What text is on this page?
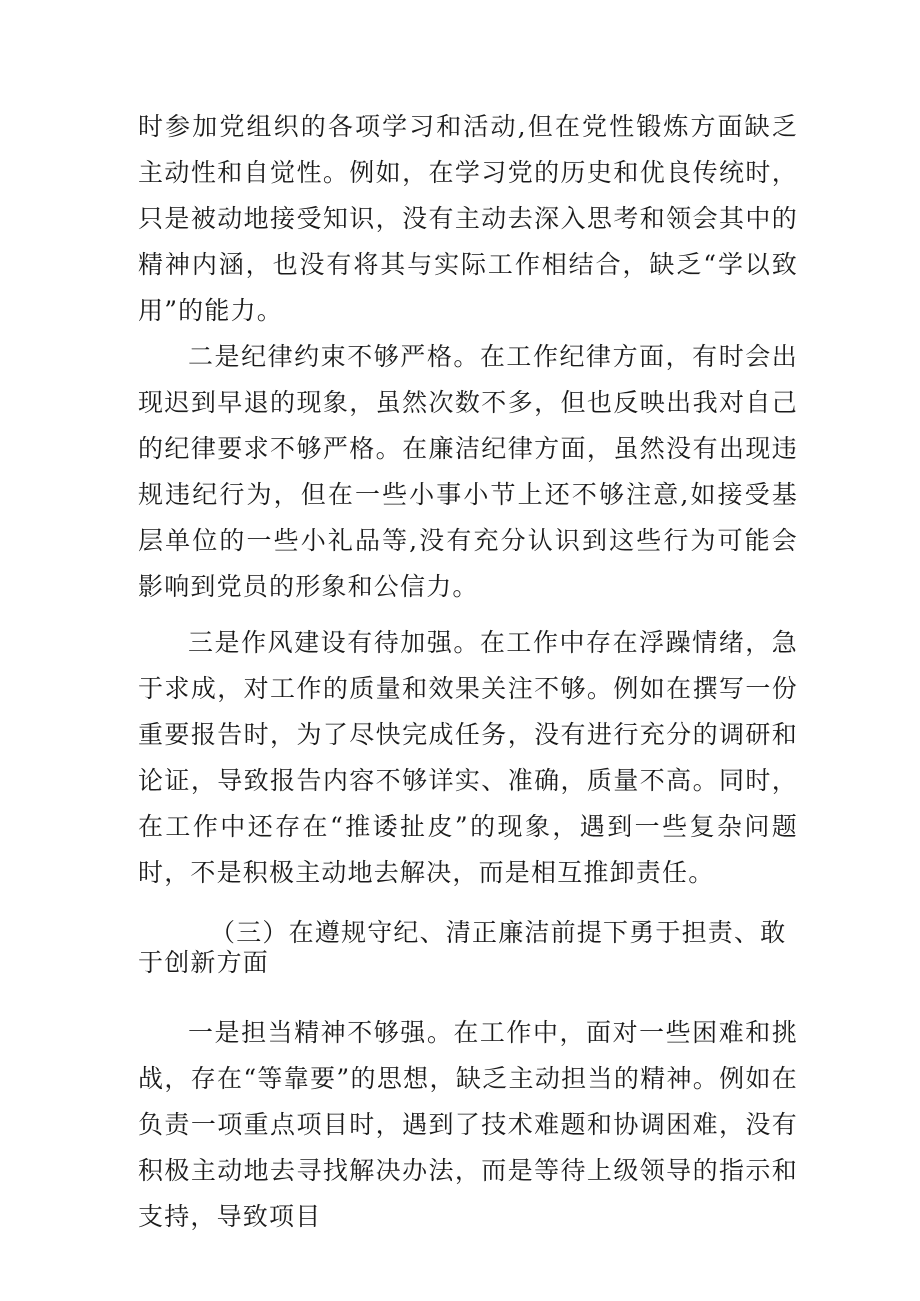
时参加党组织的各项学习和活动,但在党性锻炼方面缺乏主动性和自觉性。例如，在学习党的历史和优良传统时，只是被动地接受知识，没有主动去深入思考和领会其中的精神内涵，也没有将其与实际工作相结合，缺乏“学以致用”的能力。

二是纪律约束不够严格。在工作纪律方面，有时会出现迟到早退的现象，虽然次数不多，但也反映出我对自己的纪律要求不够严格。在廉洁纪律方面，虽然没有出现违规违纪行为，但在一些小事小节上还不够注意,如接受基层单位的一些小礼品等,没有充分认识到这些行为可能会影响到党员的形象和公信力。

三是作风建设有待加强。在工作中存在浮躁情绪，急于求成，对工作的质量和效果关注不够。例如在撰写一份重要报告时，为了尽快完成任务，没有进行充分的调研和论证，导致报告内容不够详实、准确，质量不高。同时，在工作中还存在“推诿扯皮”的现象，遇到一些复杂问题时，不是积极主动地去解决，而是相互推卸责任。

（三）在遵规守纪、清正廉洁前提下勇于担责、敢于创新方面

一是担当精神不够强。在工作中，面对一些困难和挑战，存在“等靠要”的思想，缺乏主动担当的精神。例如在负责一项重点项目时，遇到了技术难题和协调困难，没有积极主动地去寻找解决办法，而是等待上级领导的指示和支持，导致项目
